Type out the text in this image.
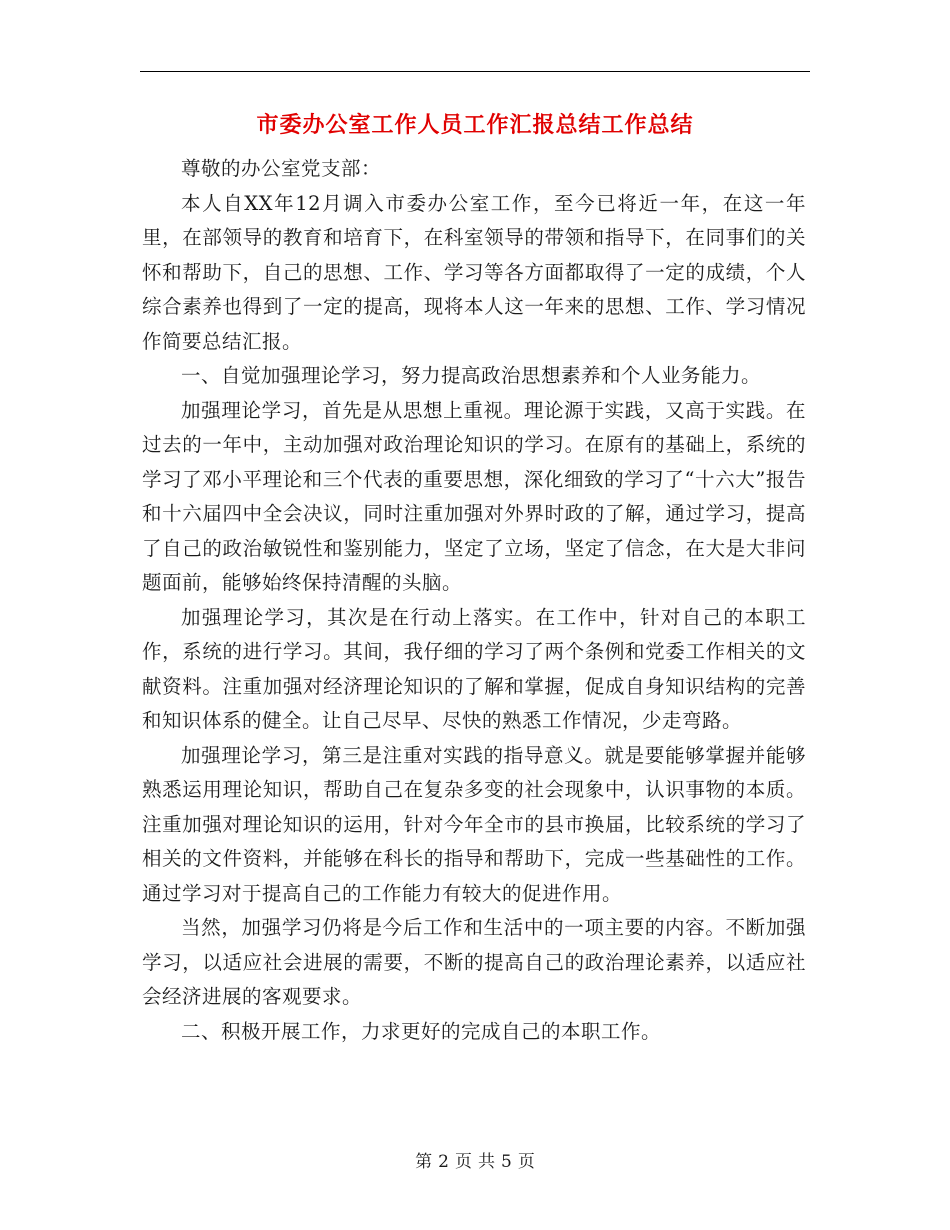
市委办公室工作人员工作汇报总结工作总结

尊敬的办公室党支部：

本人自XX年12月调入市委办公室工作，至今已将近一年，在这一年里，在部领导的教育和培育下，在科室领导的带领和指导下，在同事们的关怀和帮助下，自己的思想、工作、学习等各方面都取得了一定的成绩，个人综合素养也得到了一定的提高，现将本人这一年来的思想、工作、学习情况作简要总结汇报。

一、自觉加强理论学习，努力提高政治思想素养和个人业务能力。

加强理论学习，首先是从思想上重视。理论源于实践，又高于实践。在过去的一年中，主动加强对政治理论知识的学习。在原有的基础上，系统的学习了邓小平理论和三个代表的重要思想，深化细致的学习了“十六大”报告和十六届四中全会决议，同时注重加强对外界时政的了解，通过学习，提高了自己的政治敏锐性和鉴别能力，坚定了立场，坚定了信念，在大是大非问题面前，能够始终保持清醒的头脑。

加强理论学习，其次是在行动上落实。在工作中，针对自己的本职工作，系统的进行学习。其间，我仔细的学习了两个条例和党委工作相关的文献资料。注重加强对经济理论知识的了解和掌握，促成自身知识结构的完善和知识体系的健全。让自己尽早、尽快的熟悉工作情况，少走弯路。

加强理论学习，第三是注重对实践的指导意义。就是要能够掌握并能够熟悉运用理论知识，帮助自己在复杂多变的社会现象中，认识事物的本质。注重加强对理论知识的运用，针对今年全市的县市换届，比较系统的学习了相关的文件资料，并能够在科长的指导和帮助下，完成一些基础性的工作。通过学习对于提高自己的工作能力有较大的促进作用。

当然，加强学习仍将是今后工作和生活中的一项主要的内容。不断加强学习，以适应社会进展的需要，不断的提高自己的政治理论素养，以适应社会经济进展的客观要求。

二、积极开展工作，力求更好的完成自己的本职工作。

第 2 页 共 5 页
